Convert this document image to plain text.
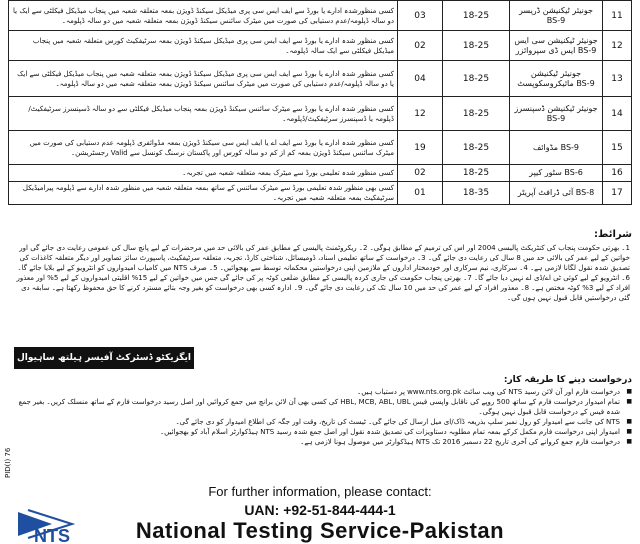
کسی منظورشدہ ادارے یا بورڈ سے ایف ایس سی پری میڈیکل سیکنڈ ڈویژن بمعہ متعلقہ شعبہ میں پنجاب میڈیکل فیکلٹی سے ایک یا دو سالہ ڈپلومہ/عدم دستیابی کی صورت میں میٹرک سائنس سیکنڈ ڈویژن بمعہ متعلقہ شعبہ میں دو سالہ ڈپلومہ۔	03	18-25	جونیئر ٹیکنیشن ڈریسر BS-9	11
کسی منظور شدہ ادارے یا بورڈ سے ایف ایس سی پری میڈیکل سیکنڈ ڈویژن بمعہ سرٹیفکیٹ کورس متعلقہ شعبہ میں پنجاب میڈیکل فیکلٹی سے ایک سالہ ڈپلومہ۔	02	18-25	جونیئر ٹیکنیشن سی ایس ایس ڈی سپروائزر BS-9	12
کسی منظور شدہ ادارے یا بورڈ سے ایف ایس سی پری میڈیکل سیکنڈ ڈویژن بمعہ متعلقہ شعبہ میں پنجاب میڈیکل فیکلٹی سے ایک یا دو سالہ ڈپلومہ/عدم دستیابی کی صورت میں میٹرک سائنس سیکنڈ ڈویژن بمعہ متعلقہ شعبہ میں دو سالہ ڈپلومہ۔	04	18-25	جونیئر ٹیکنیشن مائیکروسکوپسٹ BS-9	13
کسی منظور شدہ ادارے یا بورڈ سے میٹرک سائنس سیکنڈ ڈویژن بمعہ پنجاب میڈیکل فیکلٹی سے دو سالہ ڈسپنسرز سرٹیفکیٹ/ڈپلومہ یا ڈسپنسرز سرٹیفکیٹ/ڈپلومہ۔	12	18-25	جونیئر ٹیکنیشن ڈسپنسرز BS-9	14
کسی منظور شدہ ادارے یا بورڈ سے ایف اے یا ایف ایس سی سیکنڈ ڈویژن بمعہ مڈوائفری ڈپلومہ عدم دستیابی کی صورت میں میٹرک سائنس سیکنڈ ڈویژن بمعہ کم از کم دو سالہ کورس اور پاکستان نرسنگ کونسل سے Valid رجسٹریشن۔	19	18-25	مڈوائف BS-9	15
کسی منظور شدہ تعلیمی بورڈ سے میٹرک بمعہ متعلقہ شعبہ میں تجربہ۔	02	18-25	سٹور کیپر BS-6	16
کسی بھی منظور شدہ تعلیمی بورڈ سے میٹرک سائنس کے ساتھ بمعہ متعلقہ شعبہ میں منظور شدہ ادارے سے ڈپلومہ پیرامیڈیکل سرٹیفکیٹ بمعہ متعلقہ شعبہ میں تجربہ۔	01	18-35	آئی ڈرافٹ آپریٹر BS-8	17
شرائط:

1۔ بھرتی حکومت پنجاب کی کنٹریکٹ پالیسی 2004 اور اس کی ترمیم کے مطابق ہوگی۔ 2۔ ریکروٹمنٹ پالیسی کے مطابق عمر کی بالائی حد میں مرحضرات کے لیے پانچ سال کی عمومی رعایت دی جائے گی اور خواتین کے لیے عمر کی بالائی حد میں 8 سال کی رعایت دی جائے گی۔ 3۔ درخواست کے ساتھ تعلیمی اسناد، ڈومیسائل، شناختی کارڈ، تجربہ، متعلقہ سرٹیفکیٹ، پاسپورٹ سائز تصاویر اور دیگر متعلقہ کاغذات کی تصدیق شدہ نقول لگانا لازمی ہے۔ 4۔ سرکاری، نیم سرکاری اور خودمختار اداروں کے ملازمین اپنی درخواستیں محکمانہ توسط سے بھجوائیں۔ 5۔ صرف NTS میں کامیاب امیدواروں کو انٹرویو کے لیے بلایا جائے گا۔ 6۔ انٹرویو کے لیے کوئی ٹی اے/ڈی اے نہیں دیا جائے گا۔ 7۔ بھرتی پنجاب حکومت کی جاری کردہ پالیسی کے مطابق ضلعی کوٹہ پر کی جائے گی جس میں خواتین کے لیے 15% اقلیتی امیدواروں کے لیے 5% اور معذور افراد کے لیے 3% کوٹہ مختص ہے۔ 8۔ معذور افراد کے لیے عمر کی حد میں 10 سال تک کی رعایت دی جائے گی۔ 9۔ ادارہ کسی بھی درخواست کو بغیر وجہ بتائے مسترد کرنے کا حق محفوظ رکھتا ہے۔ سابقہ دی گئی درخواستیں قابل قبول نہیں ہوں گی۔

ایگزیکٹو ڈسٹرکٹ آفیسر ہیلتھ ساہیوال
درخواست دینے کا طریقہ کار:
■ درخواست فارم اور آن لائن رسید NTS کی ویب سائٹ www.nts.org.pk پر دستیاب ہیں۔
■ تمام امیدوار درخواست فارم کے ساتھ 500 روپے کی ناقابل واپسی فیس HBL, MCB, ABL, UBL کی کسی بھی آن لائن برانچ میں جمع کروائیں اور اصل رسید درخواست فارم کے ساتھ منسلک کریں۔ بغیر جمع شدہ فیس کے درخواست قابل قبول نہیں ہوگی۔
■ NTS کی جانب سے امیدوار کو رول نمبر سلپ بذریعہ ڈاک/ای میل ارسال کی جائے گی۔ ٹیسٹ کی تاریخ، وقت اور جگہ کی اطلاع امیدوار کو دی جائے گی۔
■ امیدوار اپنی درخواست فارم مکمل کرکے بمعہ تمام مطلوبہ دستاویزات کی تصدیق شدہ نقول اور اصل جمع شدہ رسید NTS ہیڈکوارٹر اسلام آباد کو بھجوائیں۔
■ درخواست فارم جمع کروانے کی آخری تاریخ 22 دسمبر 2016 تک NTS ہیڈکوارٹر میں موصول ہونا لازمی ہے۔
PID(I) 76
NTS
For further information, please contact:
UAN: +92-51-844-444-1
National Testing Service-Pakistan
